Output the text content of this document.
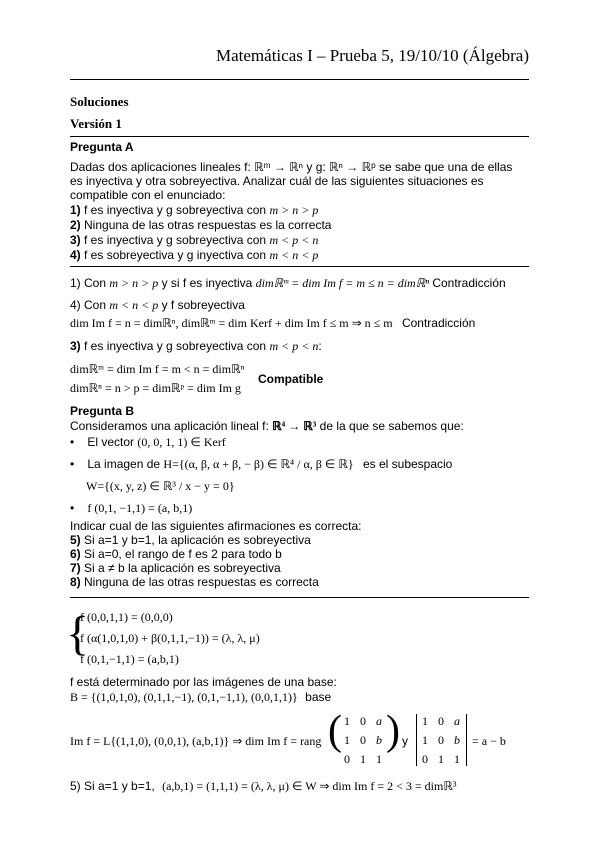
Matemáticas I – Prueba 5, 19/10/10 (Álgebra)
Soluciones
Versión 1
Pregunta A
Dadas dos aplicaciones lineales f: ℝᵐ → ℝⁿ y g: ℝⁿ → ℝᵖ se sabe que una de ellas
es inyectiva y otra sobreyectiva. Analizar cuál de las siguientes situaciones es
compatible con el enunciado:
1) f es inyectiva y g sobreyectiva con m > n > p
2) Ninguna de las otras respuestas es la correcta
3) f es inyectiva y g sobreyectiva con m < p < n
4) f es sobreyectiva y g inyectiva con m < n < p
1) Con m > n > p y si f es inyectiva dimℝᵐ = dim Im f = m ≤ n = dimℝⁿ Contradicción
4) Con m < n < p y f sobreyectiva
dim Im f = n = dimℝⁿ, dimℝᵐ = dim Kerf + dim Im f ≤ m ⇒ n ≤ m Contradicción
3) f es inyectiva y g sobreyectiva con m < p < n:
dimℝᵐ = dim Im f = m < n = dimℝⁿ
dimℝⁿ = n > p = dimℝᵖ = dim Im g
Compatible
Pregunta B
Consideramos una aplicación lineal f: ℝ⁴ → ℝ³ de la que se sabemos que:
• El vector (0, 0, 1, 1) ∈ Kerf
• La imagen de H={(α, β, α + β, − β) ∈ ℝ⁴ / α, β ∈ ℝ} es el subespacio
W={(x, y, z) ∈ ℝ³ / x − y = 0}
• f (0,1, −1,1) = (a, b,1)
Indicar cual de las siguientes afirmaciones es correcta:
5) Si a=1 y b=1, la aplicación es sobreyectiva
6) Si a=0, el rango de f es 2 para todo b
7) Si a ≠ b la aplicación es sobreyectiva
8) Ninguna de las otras respuestas es correcta
{
f (0,0,1,1) = (0,0,0)
f (α(1,0,1,0) + β(0,1,1,−1)) = (λ, λ, μ)
f (0,1,−1,1) = (a,b,1)
f está determinado por las imágenes de una base:
B = {(1,0,1,0), (0,1,1,−1), (0,1,−1,1), (0,0,1,1)} base
Im f = L{(1,1,0), (0,0,1), (a,b,1)} ⇒ dim Im f = rang ( 1 0 a
1 0 b
0 1 1
) y
1 0 a
1 0 b
0 1 1
= a − b
5) Si a=1 y b=1, (a,b,1) = (1,1,1) = (λ, λ, μ) ∈ W ⇒ dim Im f = 2 < 3 = dimℝ³
